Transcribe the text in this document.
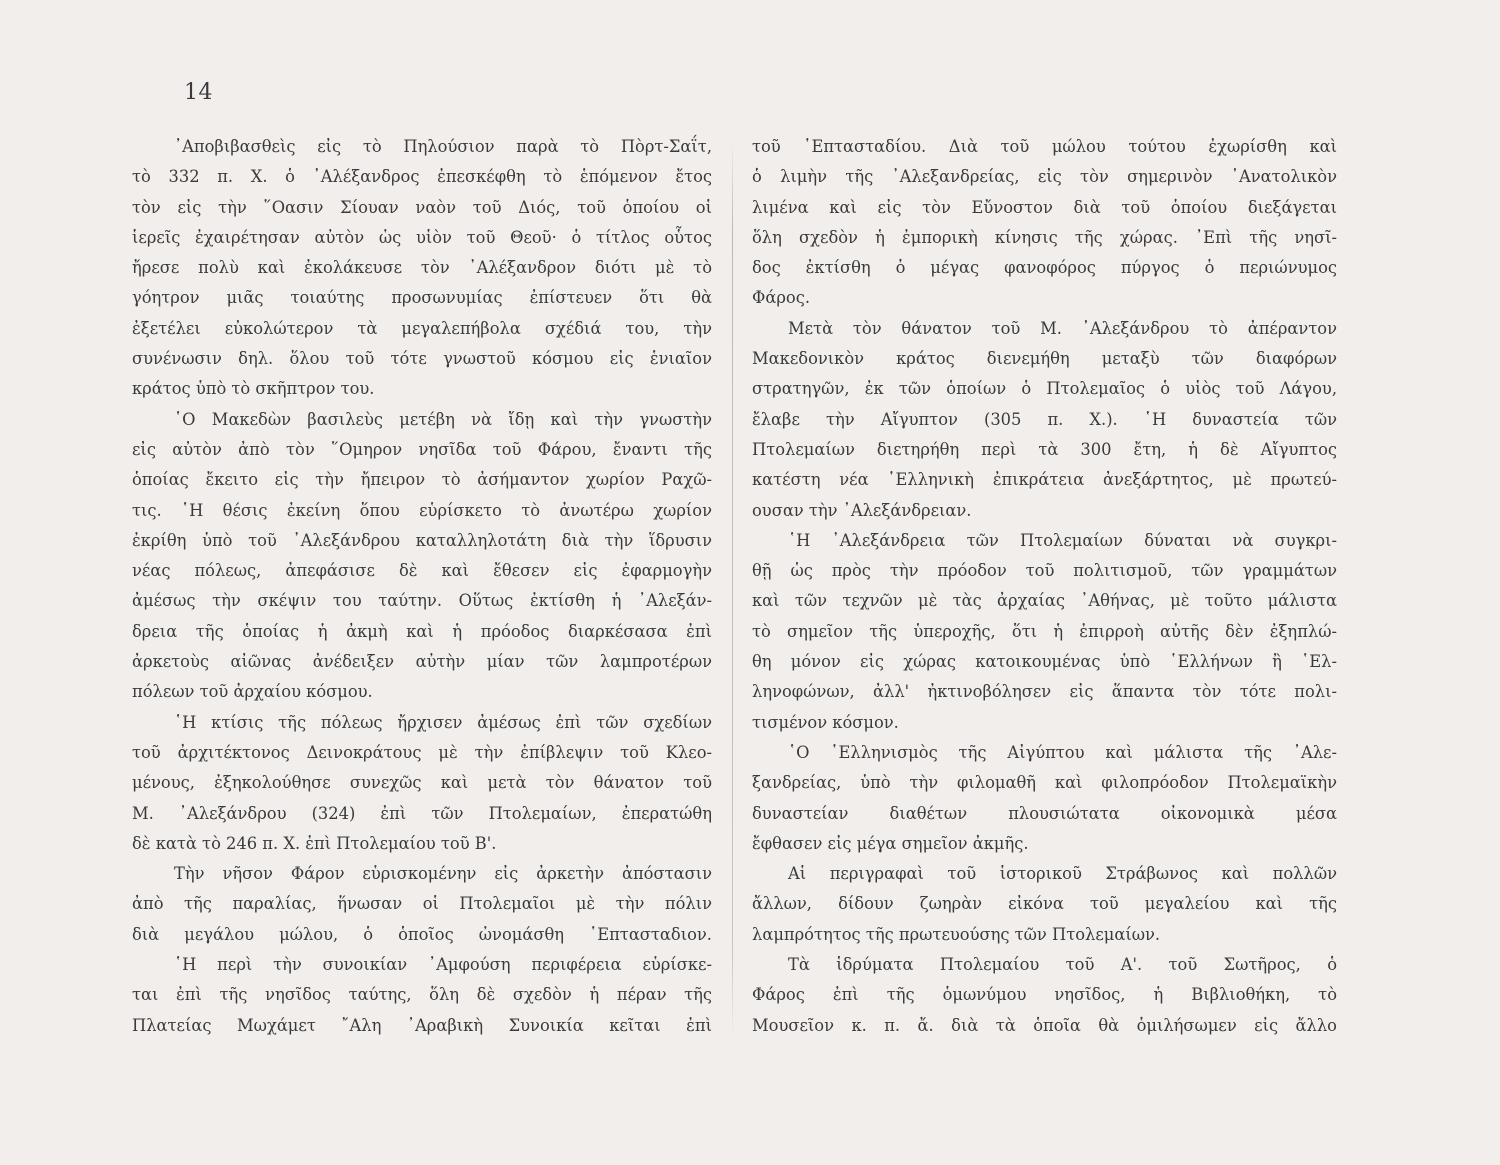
14
᾿Αποβιβασθεὶς εἰς τὸ Πηλούσιον παρὰ τὸ Πὸρτ-Σαΐτ,
τὸ 332 π. Χ. ὁ ᾿Αλέξανδρος ἐπεσκέφθη τὸ ἑπόμενον ἔτος
τὸν εἰς τὴν ῞Οασιν Σίουαν ναὸν τοῦ Διός, τοῦ ὁποίου οἱ
ἱερεῖς ἐχαιρέτησαν αὐτὸν ὡς υἱὸν τοῦ Θεοῦ· ὁ τίτλος οὗτος
ἤρεσε πολὺ καὶ ἐκολάκευσε τὸν ᾿Αλέξανδρον διότι μὲ τὸ
γόητρον μιᾶς τοιαύτης προσωνυμίας ἐπίστευεν ὅτι θὰ
ἐξετέλει εὐκολώτερον τὰ μεγαλεπήβολα σχέδιά του, τὴν
συνένωσιν δηλ. ὅλου τοῦ τότε γνωστοῦ κόσμου εἰς ἑνιαῖον
κράτος ὑπὸ τὸ σκῆπτρον του.
῾Ο Μακεδὼν βασιλεὺς μετέβη νὰ ἴδῃ καὶ τὴν γνωστὴν
εἰς αὐτὸν ἀπὸ τὸν ῞Ομηρον νησῖδα τοῦ Φάρου, ἔναντι τῆς
ὁποίας ἔκειτο εἰς τὴν ἤπειρον τὸ ἀσήμαντον χωρίον Ραχῶ-
τις. ῾Η θέσις ἐκείνη ὅπου εὑρίσκετο τὸ ἀνωτέρω χωρίον
ἐκρίθη ὑπὸ τοῦ ᾿Αλεξάνδρου καταλληλοτάτη διὰ τὴν ἵδρυσιν
νέας πόλεως, ἀπεφάσισε δὲ καὶ ἔθεσεν εἰς ἐφαρμογὴν
ἀμέσως τὴν σκέψιν του ταύτην. Οὕτως ἐκτίσθη ἡ ᾿Αλεξάν-
δρεια τῆς ὁποίας ἡ ἀκμὴ καὶ ἡ πρόοδος διαρκέσασα ἐπὶ
ἀρκετοὺς αἰῶνας ἀνέδειξεν αὐτὴν μίαν τῶν λαμπροτέρων
πόλεων τοῦ ἀρχαίου κόσμου.
῾Η κτίσις τῆς πόλεως ἤρχισεν ἀμέσως ἐπὶ τῶν σχεδίων
τοῦ ἀρχιτέκτονος Δεινοκράτους μὲ τὴν ἐπίβλεψιν τοῦ Κλεο-
μένους, ἐξηκολούθησε συνεχῶς καὶ μετὰ τὸν θάνατον τοῦ
Μ. ᾿Αλεξάνδρου (324) ἐπὶ τῶν Πτολεμαίων, ἐπερατώθη
δὲ κατὰ τὸ 246 π. Χ. ἐπὶ Πτολεμαίου τοῦ Β'.
Τὴν νῆσον Φάρον εὑρισκομένην εἰς ἀρκετὴν ἀπόστασιν
ἀπὸ τῆς παραλίας, ἥνωσαν οἱ Πτολεμαῖοι μὲ τὴν πόλιν
διὰ μεγάλου μώλου, ὁ ὁποῖος ὠνομάσθη ῾Επτασταδιον.
῾Η περὶ τὴν συνοικίαν ᾿Αμφούση περιφέρεια εὑρίσκε-
ται ἐπὶ τῆς νησῖδος ταύτης, ὅλη δὲ σχεδὸν ἡ πέραν τῆς
Πλατείας Μωχάμετ ῎Αλη ᾿Αραβικὴ Συνοικία κεῖται ἐπὶ
τοῦ ῾Επτασταδίου. Διὰ τοῦ μώλου τούτου ἐχωρίσθη καὶ
ὁ λιμὴν τῆς ᾿Αλεξανδρείας, εἰς τὸν σημερινὸν ᾿Ανατολικὸν
λιμένα καὶ εἰς τὸν Εὔνοστον διὰ τοῦ ὁποίου διεξάγεται
ὅλη σχεδὸν ἡ ἐμπορικὴ κίνησις τῆς χώρας. ᾿Επὶ τῆς νησῖ-
δος ἐκτίσθη ὁ μέγας φανοφόρος πύργος ὁ περιώνυμος
Φάρος.
Μετὰ τὸν θάνατον τοῦ Μ. ᾿Αλεξάνδρου τὸ ἀπέραντον
Μακεδονικὸν κράτος διενεμήθη μεταξὺ τῶν διαφόρων
στρατηγῶν, ἐκ τῶν ὁποίων ὁ Πτολεμαῖος ὁ υἱὸς τοῦ Λάγου,
ἔλαβε τὴν Αἴγυπτον (305 π. Χ.). ῾Η δυναστεία τῶν
Πτολεμαίων διετηρήθη περὶ τὰ 300 ἔτη, ἡ δὲ Αἴγυπτος
κατέστη νέα ῾Ελληνικὴ ἐπικράτεια ἀνεξάρτητος, μὲ πρωτεύ-
ουσαν τὴν ᾿Αλεξάνδρειαν.
῾Η ᾿Αλεξάνδρεια τῶν Πτολεμαίων δύναται νὰ συγκρι-
θῇ ὡς πρὸς τὴν πρόοδον τοῦ πολιτισμοῦ, τῶν γραμμάτων
καὶ τῶν τεχνῶν μὲ τὰς ἀρχαίας ᾿Αθήνας, μὲ τοῦτο μάλιστα
τὸ σημεῖον τῆς ὑπεροχῆς, ὅτι ἡ ἐπιρροὴ αὐτῆς δὲν ἐξηπλώ-
θη μόνον εἰς χώρας κατοικουμένας ὑπὸ ῾Ελλήνων ἢ ῾Ελ-
ληνοφώνων, ἀλλ' ἠκτινοβόλησεν εἰς ἅπαντα τὸν τότε πολι-
τισμένον κόσμον.
῾Ο ῾Ελληνισμὸς τῆς Αἰγύπτου καὶ μάλιστα τῆς ᾿Αλε-
ξανδρείας, ὑπὸ τὴν φιλομαθῆ καὶ φιλοπρόοδον Πτολεμαϊκὴν
δυναστείαν διαθέτων πλουσιώτατα οἰκονομικὰ μέσα
ἔφθασεν εἰς μέγα σημεῖον ἀκμῆς.
Αἱ περιγραφαὶ τοῦ ἱστορικοῦ Στράβωνος καὶ πολλῶν
ἄλλων, δίδουν ζωηρὰν εἰκόνα τοῦ μεγαλείου καὶ τῆς
λαμπρότητος τῆς πρωτευούσης τῶν Πτολεμαίων.
Τὰ ἱδρύματα Πτολεμαίου τοῦ Α'. τοῦ Σωτῆρος, ὁ
Φάρος ἐπὶ τῆς ὁμωνύμου νησῖδος, ἡ Βιβλιοθήκη, τὸ
Μουσεῖον κ. π. ἄ. διὰ τὰ ὁποῖα θὰ ὁμιλήσωμεν εἰς ἄλλο
